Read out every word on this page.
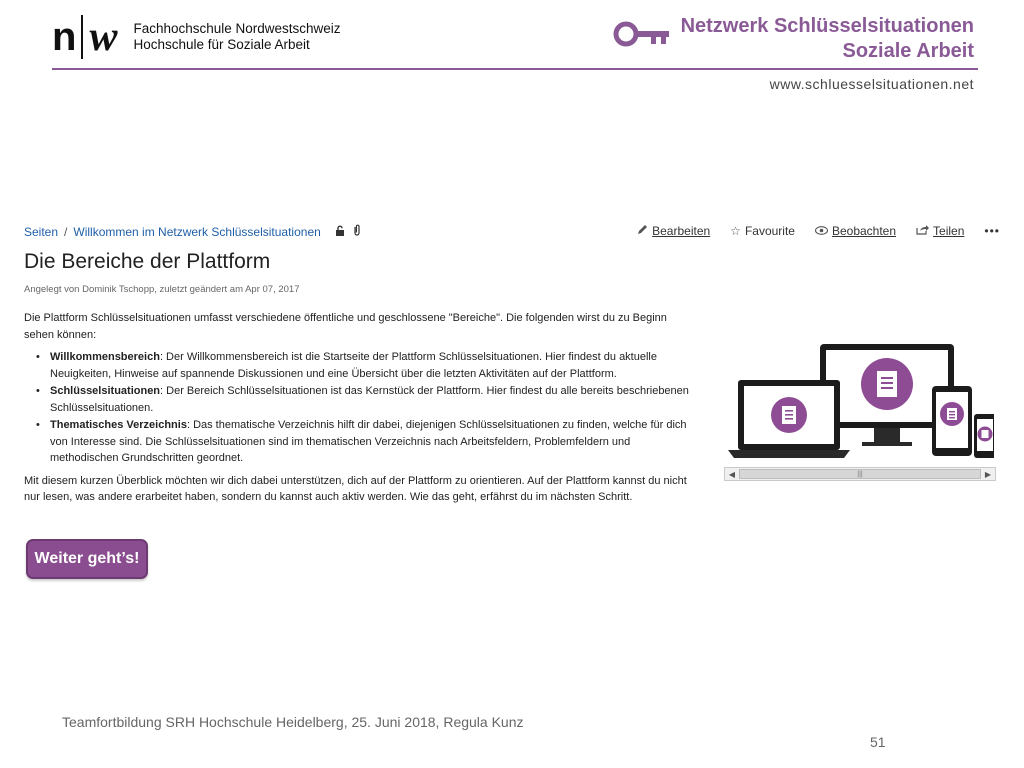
n w Fachhochschule Nordwestschweiz
Hochschule für Soziale Arbeit
Netzwerk Schlüsselsituationen
Soziale Arbeit
www.schluesselsituationen.net
Seiten / Willkommen im Netzwerk Schlüsselsituationen	Bearbeiten ☆ Favourite	Beobachten	Teilen •••
Die Bereiche der Plattform
Angelegt von Dominik Tschopp, zuletzt geändert am Apr 07, 2017

Die Plattform Schlüsselsituationen umfasst verschiedene öffentliche und geschlossene "Bereiche". Die folgenden wirst du zu Beginn sehen können:

• Willkommensbereich: Der Willkommensbereich ist die Startseite der Plattform Schlüsselsituationen. Hier findest du aktuelle Neuigkeiten, Hinweise auf spannende Diskussionen und eine Übersicht über die letzten Aktivitäten auf der Plattform.
• Schlüsselsituationen: Der Bereich Schlüsselsituationen ist das Kernstück der Plattform. Hier findest du alle bereits beschriebenen Schlüsselsituationen.
• Thematisches Verzeichnis: Das thematische Verzeichnis hilft dir dabei, diejenigen Schlüsselsituationen zu finden, welche für dich von Interesse sind. Die Schlüsselsituationen sind im thematischen Verzeichnis nach Arbeitsfeldern, Problemfeldern und methodischen Grundschritten geordnet.

Mit diesem kurzen Überblick möchten wir dich dabei unterstützen, dich auf der Plattform zu orientieren. Auf der Plattform kannst du nicht nur lesen, was andere erarbeitet haben, sondern du kannst auch aktiv werden. Wie das geht, erfährst du im nächsten Schritt.

◀	|||	▶
Weiter geht’s!
Teamfortbildung SRH Hochschule Heidelberg, 25. Juni 2018, Regula Kunz
51
